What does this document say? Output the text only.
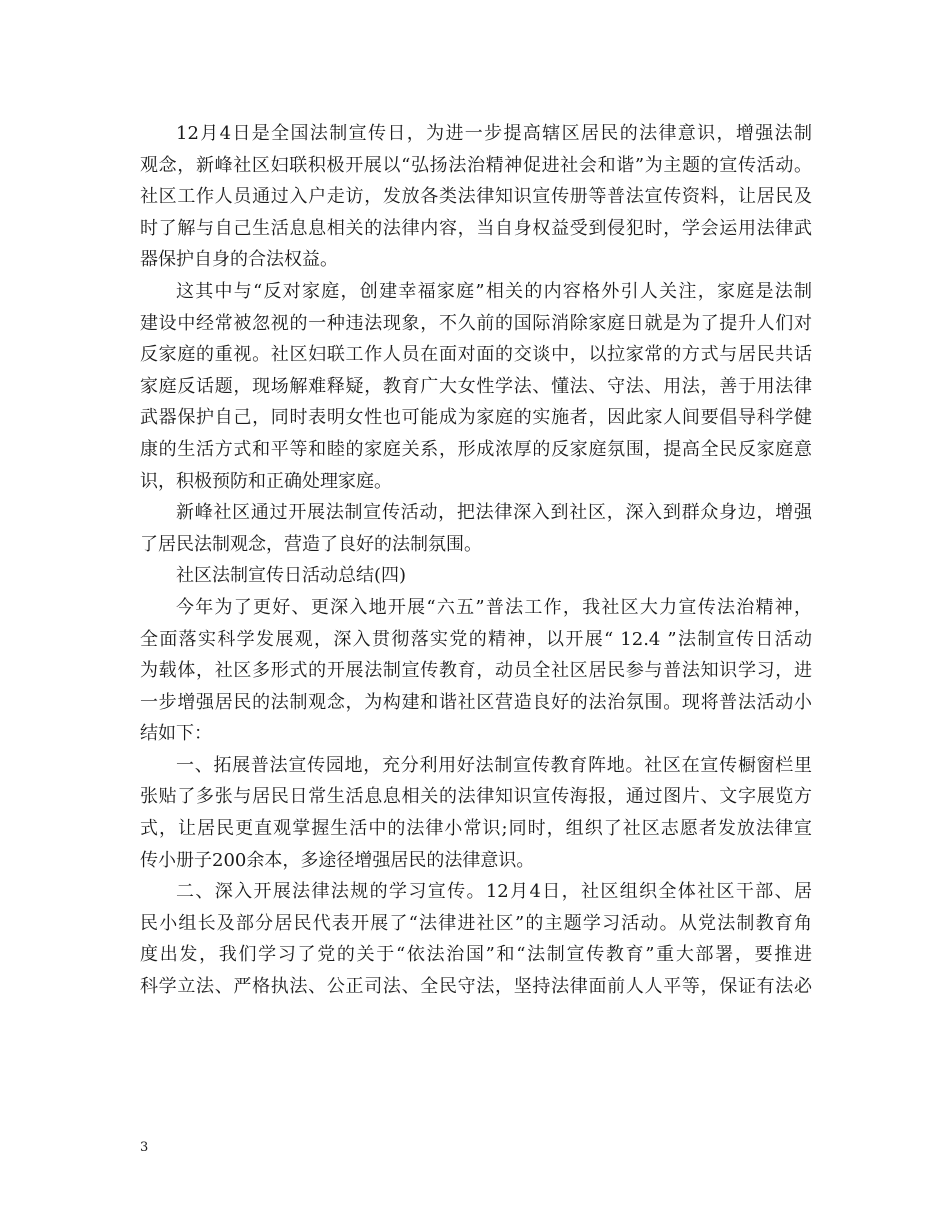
12月4日是全国法制宣传日，为进一步提高辖区居民的法律意识，增强法制
观念，新峰社区妇联积极开展以“弘扬法治精神促进社会和谐”为主题的宣传活动。
社区工作人员通过入户走访，发放各类法律知识宣传册等普法宣传资料，让居民及
时了解与自己生活息息相关的法律内容，当自身权益受到侵犯时，学会运用法律武
器保护自身的合法权益。
这其中与“反对家庭，创建幸福家庭”相关的内容格外引人关注，家庭是法制
建设中经常被忽视的一种违法现象，不久前的国际消除家庭日就是为了提升人们对
反家庭的重视。社区妇联工作人员在面对面的交谈中，以拉家常的方式与居民共话
家庭反话题，现场解难释疑，教育广大女性学法、懂法、守法、用法，善于用法律
武器保护自己，同时表明女性也可能成为家庭的实施者，因此家人间要倡导科学健
康的生活方式和平等和睦的家庭关系，形成浓厚的反家庭氛围，提高全民反家庭意
识，积极预防和正确处理家庭。
新峰社区通过开展法制宣传活动，把法律深入到社区，深入到群众身边，增强
了居民法制观念，营造了良好的法制氛围。
社区法制宣传日活动总结(四)
今年为了更好、更深入地开展“六五”普法工作，我社区大力宣传法治精神，
全面落实科学发展观，深入贯彻落实党的精神，以开展“ 12.4 ”法制宣传日活动
为载体，社区多形式的开展法制宣传教育，动员全社区居民参与普法知识学习，进
一步增强居民的法制观念，为构建和谐社区营造良好的法治氛围。现将普法活动小
结如下：
一、拓展普法宣传园地，充分利用好法制宣传教育阵地。社区在宣传橱窗栏里
张贴了多张与居民日常生活息息相关的法律知识宣传海报，通过图片、文字展览方
式，让居民更直观掌握生活中的法律小常识;同时，组织了社区志愿者发放法律宣
传小册子200余本，多途径增强居民的法律意识。
二、深入开展法律法规的学习宣传。12月4日，社区组织全体社区干部、居
民小组长及部分居民代表开展了“法律进社区”的主题学习活动。从党法制教育角
度出发，我们学习了党的关于“依法治国”和“法制宣传教育”重大部署，要推进
科学立法、严格执法、公正司法、全民守法，坚持法律面前人人平等，保证有法必
3
